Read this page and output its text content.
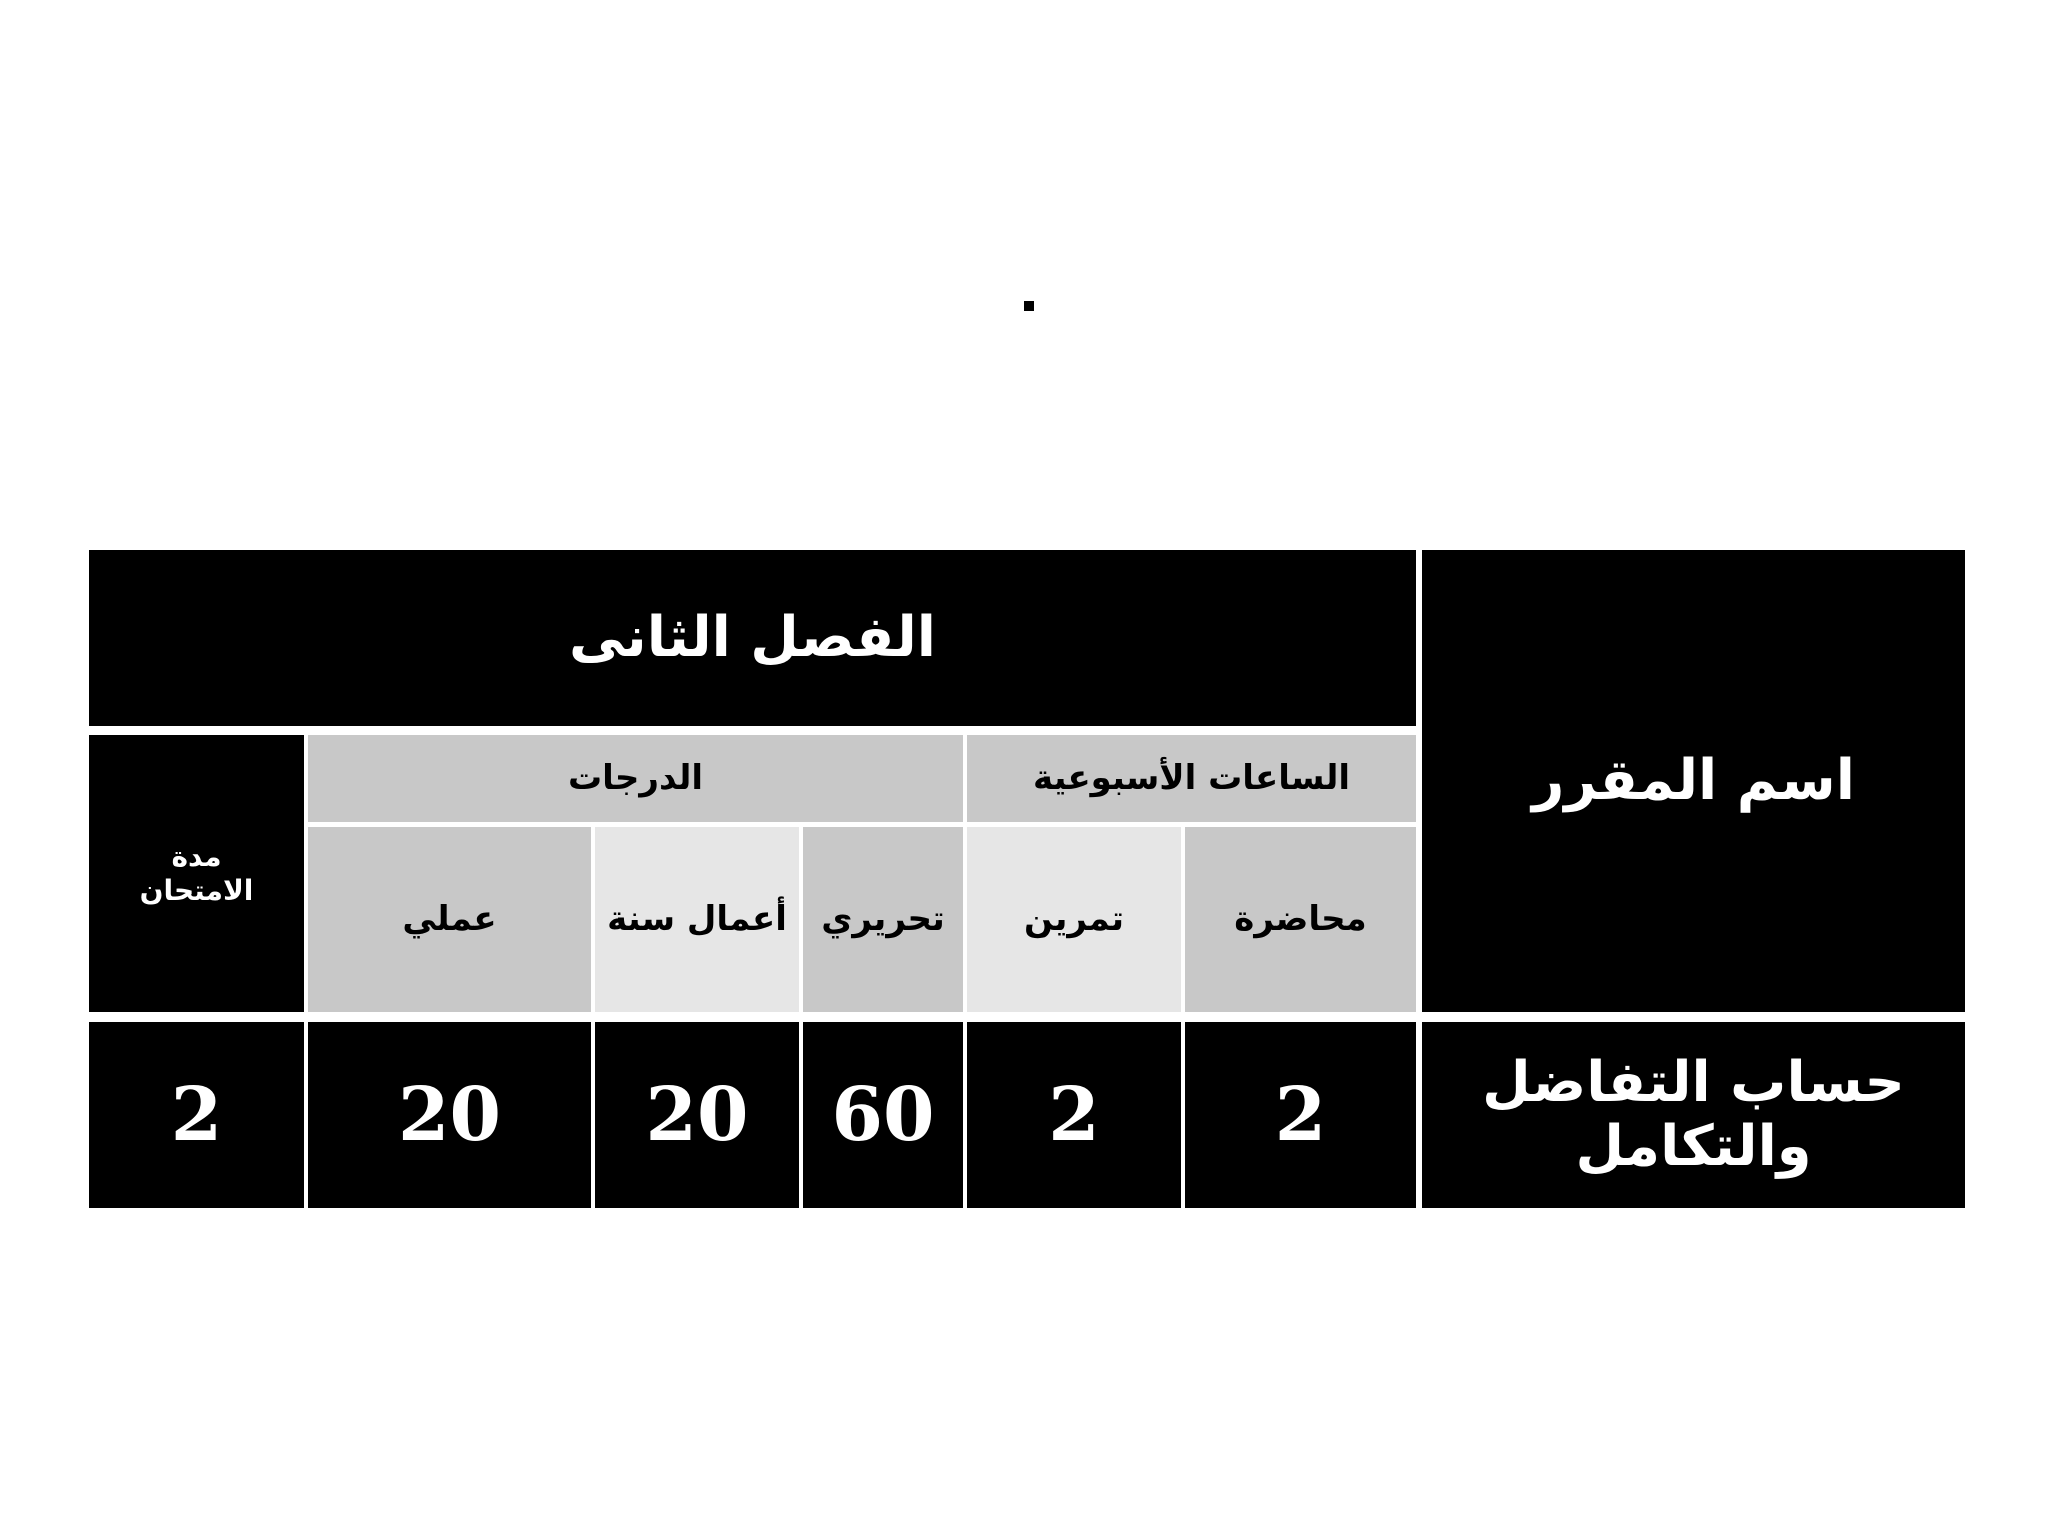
اسم المقرر
الفصل الثانى
الساعات الأسبوعية
الدرجات
مدة
الامتحان
محاضرة
تمرين
تحريري
أعمال سنة
عملي
حساب التفاضل
والتكامل
2
2
60
20
20
2
